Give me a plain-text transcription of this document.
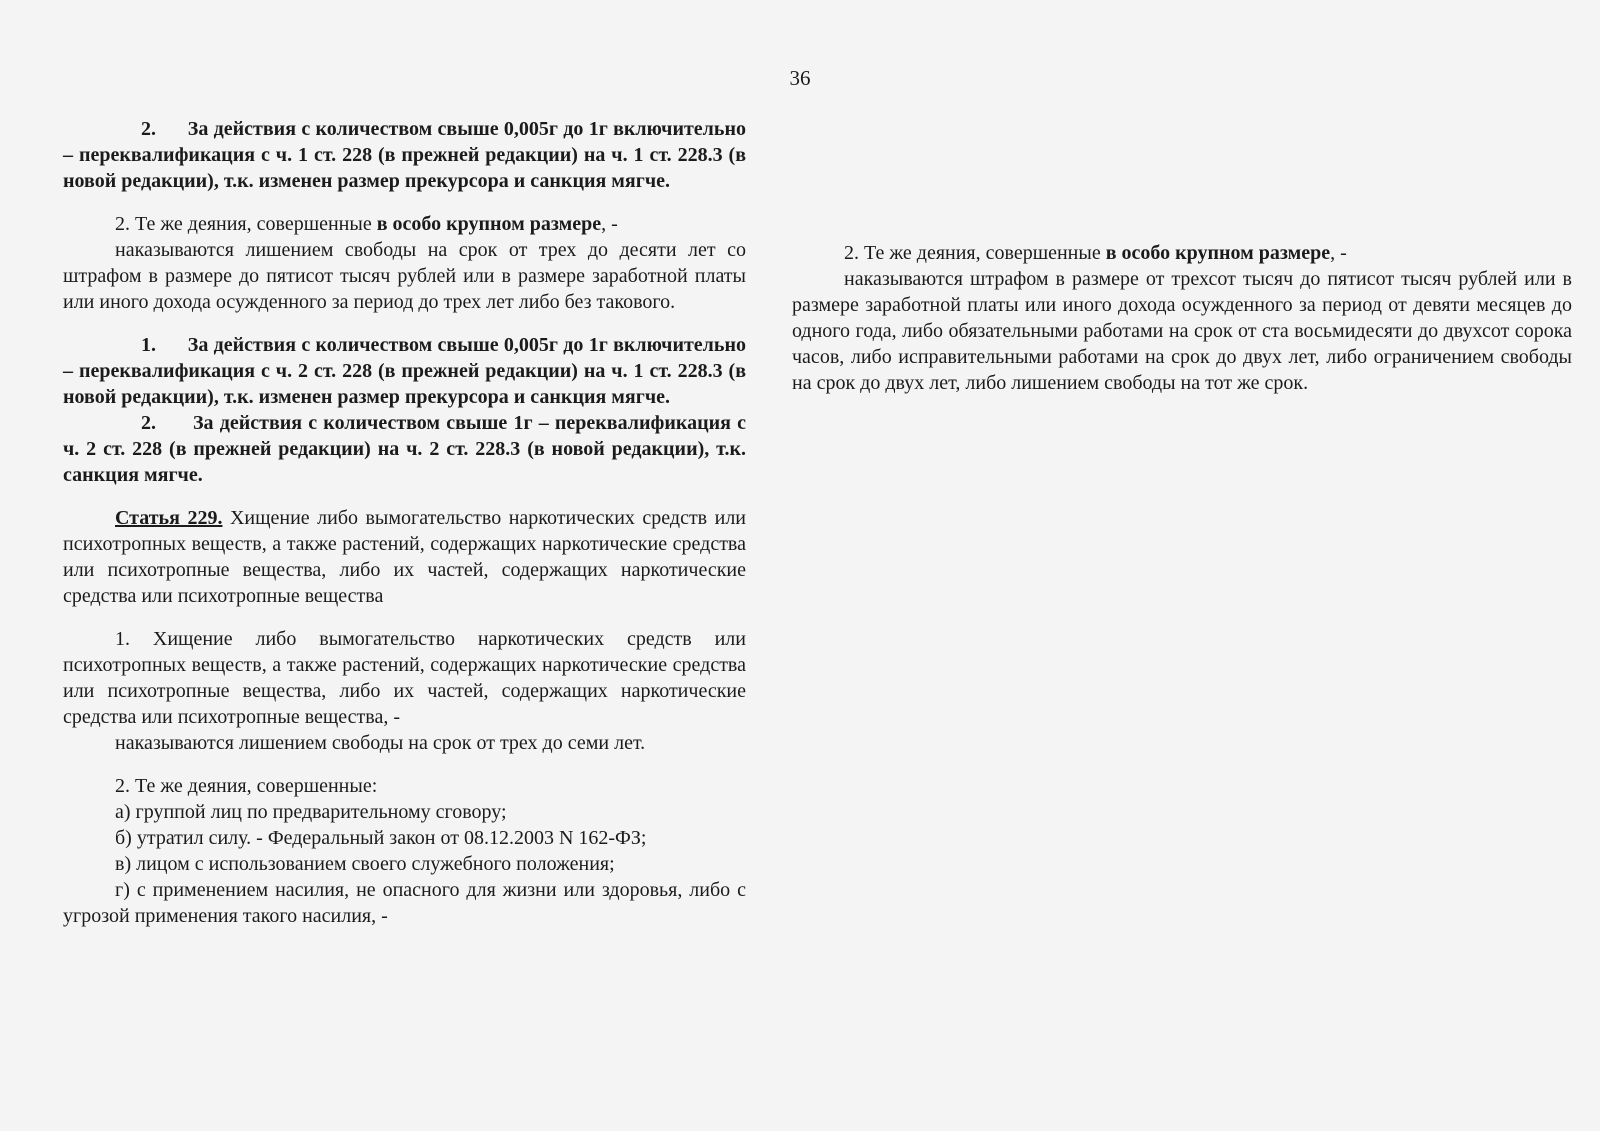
36

2.      За действия с количеством свыше 0,005г до 1г включительно – переквалификация с ч. 1 ст. 228 (в прежней редакции) на ч. 1 ст. 228.3 (в новой редакции), т.к. изменен размер прекурсора и санкция мягче.

2. Те же деяния, совершенные в особо крупном размере, -

наказываются лишением свободы на срок от трех до десяти лет со штрафом в размере до пятисот тысяч рублей или в размере заработной платы или иного дохода осужденного за период до трех лет либо без такового.

1.      За действия с количеством свыше 0,005г до 1г включительно – переквалификация с ч. 2 ст. 228 (в прежней редакции) на ч. 1 ст. 228.3 (в новой редакции), т.к. изменен размер прекурсора и санкция мягче.

2.      За действия с количеством свыше 1г – переквалификация с ч. 2 ст. 228 (в прежней редакции) на ч. 2 ст. 228.3 (в новой редакции), т.к. санкция мягче.

Статья 229. Хищение либо вымогательство наркотических средств или психотропных веществ, а также растений, содержащих наркотические средства или психотропные вещества, либо их частей, содержащих наркотические средства или психотропные вещества

1. Хищение либо вымогательство наркотических средств или психотропных веществ, а также растений, содержащих наркотические средства или психотропные вещества, либо их частей, содержащих наркотические средства или психотропные вещества, -

наказываются лишением свободы на срок от трех до семи лет.

2. Те же деяния, совершенные:

а) группой лиц по предварительному сговору;

б) утратил силу. - Федеральный закон от 08.12.2003 N 162-ФЗ;

в) лицом с использованием своего служебного положения;

г) с применением насилия, не опасного для жизни или здоровья, либо с угрозой применения такого насилия, -

2. Те же деяния, совершенные в особо крупном размере, -

наказываются штрафом в размере от трехсот тысяч до пятисот тысяч рублей или в размере заработной платы или иного дохода осужденного за период от девяти месяцев до одного года, либо обязательными работами на срок от ста восьмидесяти до двухсот сорока часов, либо исправительными работами на срок до двух лет, либо ограничением свободы на срок до двух лет, либо лишением свободы на тот же срок.
